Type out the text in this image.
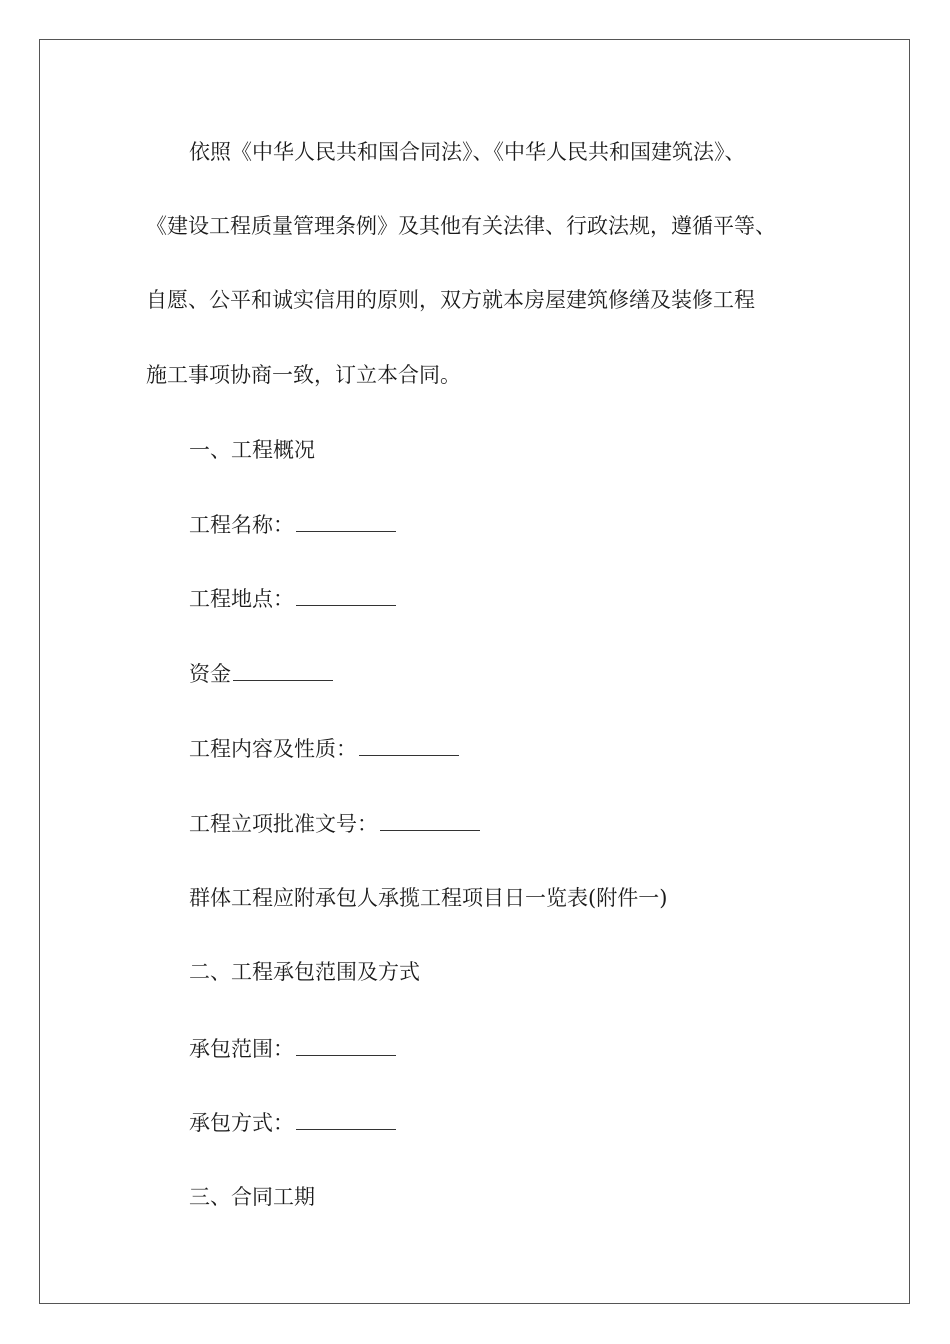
依照《中华人民共和国合同法》、《中华人民共和国建筑法》、
《建设工程质量管理条例》及其他有关法律、行政法规，遵循平等、
自愿、公平和诚实信用的原则，双方就本房屋建筑修缮及装修工程
施工事项协商一致，订立本合同。
一、工程概况
工程名称：
工程地点：
资金
工程内容及性质：
工程立项批准文号：
群体工程应附承包人承揽工程项目日一览表(附件一)
二、工程承包范围及方式
承包范围：
承包方式：
三、合同工期
